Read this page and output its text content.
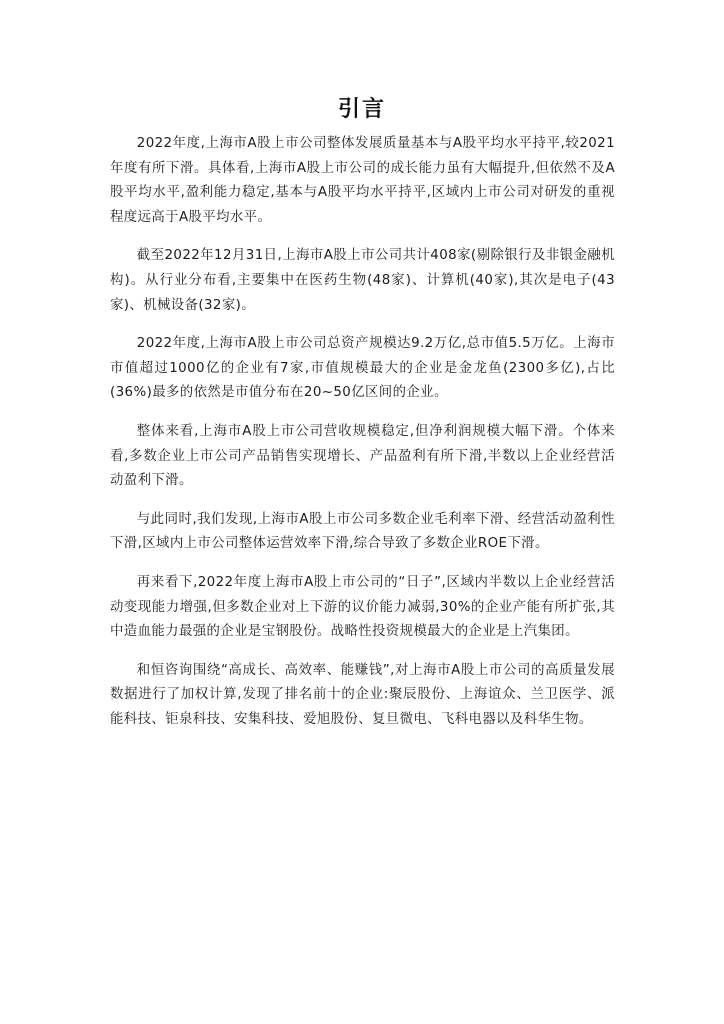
引言

2022年度,上海市A股上市公司整体发展质量基本与A股平均水平持平,较2021年度有所下滑。具体看,上海市A股上市公司的成长能力虽有大幅提升,但依然不及A股平均水平,盈利能力稳定,基本与A股平均水平持平,区域内上市公司对研发的重视程度远高于A股平均水平。

截至2022年12月31日,上海市A股上市公司共计408家(剔除银行及非银金融机构)。从行业分布看,主要集中在医药生物(48家)、计算机(40家),其次是电子(43家)、机械设备(32家)。

2022年度,上海市A股上市公司总资产规模达9.2万亿,总市值5.5万亿。上海市市值超过1000亿的企业有7家,市值规模最大的企业是金龙鱼(2300多亿),占比(36%)最多的依然是市值分布在20~50亿区间的企业。

整体来看,上海市A股上市公司营收规模稳定,但净利润规模大幅下滑。个体来看,多数企业上市公司产品销售实现增长、产品盈利有所下滑,半数以上企业经营活动盈利下滑。

与此同时,我们发现,上海市A股上市公司多数企业毛利率下滑、经营活动盈利性下滑,区域内上市公司整体运营效率下滑,综合导致了多数企业ROE下滑。

再来看下,2022年度上海市A股上市公司的“日子”,区域内半数以上企业经营活动变现能力增强,但多数企业对上下游的议价能力减弱,30%的企业产能有所扩张,其中造血能力最强的企业是宝钢股份。战略性投资规模最大的企业是上汽集团。

和恒咨询围绕“高成长、高效率、能赚钱”,对上海市A股上市公司的高质量发展数据进行了加权计算,发现了排名前十的企业:聚辰股份、上海谊众、兰卫医学、派能科技、钜泉科技、安集科技、爱旭股份、复旦微电、飞科电器以及科华生物。
